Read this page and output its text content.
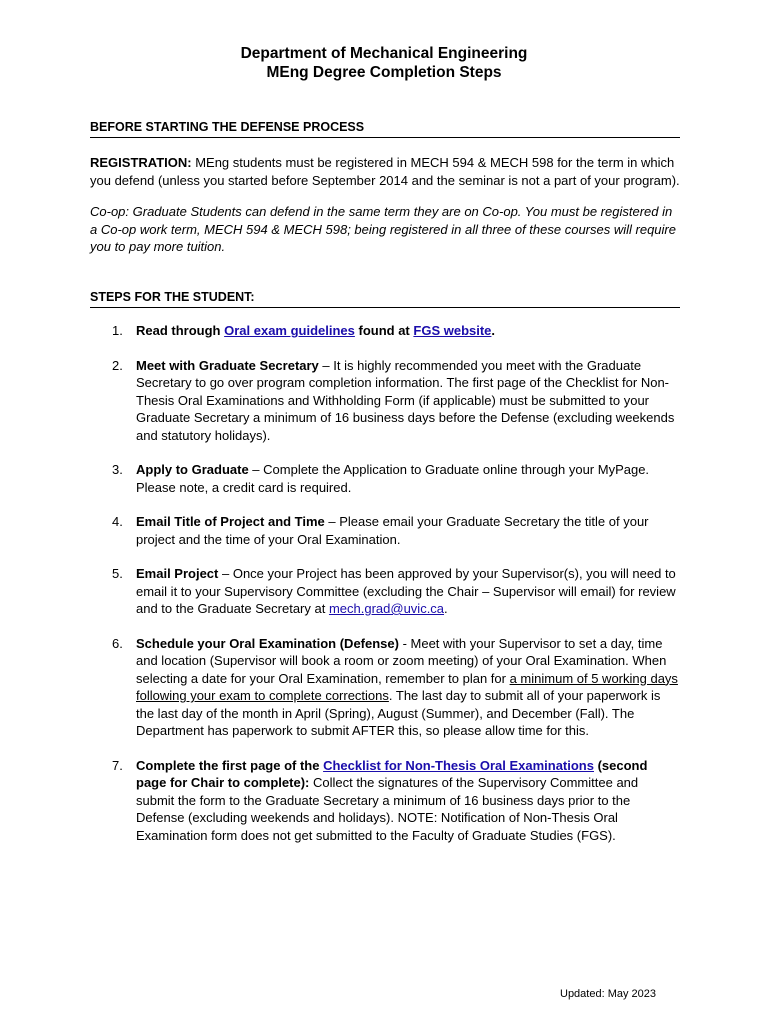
Department of Mechanical Engineering
MEng Degree Completion Steps
BEFORE STARTING THE DEFENSE PROCESS
REGISTRATION: MEng students must be registered in MECH 594 & MECH 598 for the term in which you defend (unless you started before September 2014 and the seminar is not a part of your program).
Co-op: Graduate Students can defend in the same term they are on Co-op. You must be registered in a Co-op work term, MECH 594 & MECH 598; being registered in all three of these courses will require you to pay more tuition.
STEPS FOR THE STUDENT:
1. Read through Oral exam guidelines found at FGS website.
2. Meet with Graduate Secretary – It is highly recommended you meet with the Graduate Secretary to go over program completion information. The first page of the Checklist for Non-Thesis Oral Examinations and Withholding Form (if applicable) must be submitted to your Graduate Secretary a minimum of 16 business days before the Defense (excluding weekends and statutory holidays).
3. Apply to Graduate – Complete the Application to Graduate online through your MyPage. Please note, a credit card is required.
4. Email Title of Project and Time – Please email your Graduate Secretary the title of your project and the time of your Oral Examination.
5. Email Project – Once your Project has been approved by your Supervisor(s), you will need to email it to your Supervisory Committee (excluding the Chair – Supervisor will email) for review and to the Graduate Secretary at mech.grad@uvic.ca.
6. Schedule your Oral Examination (Defense) - Meet with your Supervisor to set a day, time and location (Supervisor will book a room or zoom meeting) of your Oral Examination. When selecting a date for your Oral Examination, remember to plan for a minimum of 5 working days following your exam to complete corrections. The last day to submit all of your paperwork is the last day of the month in April (Spring), August (Summer), and December (Fall). The Department has paperwork to submit AFTER this, so please allow time for this.
7. Complete the first page of the Checklist for Non-Thesis Oral Examinations (second page for Chair to complete): Collect the signatures of the Supervisory Committee and submit the form to the Graduate Secretary a minimum of 16 business days prior to the Defense (excluding weekends and holidays). NOTE: Notification of Non-Thesis Oral Examination form does not get submitted to the Faculty of Graduate Studies (FGS).
Updated: May 2023
